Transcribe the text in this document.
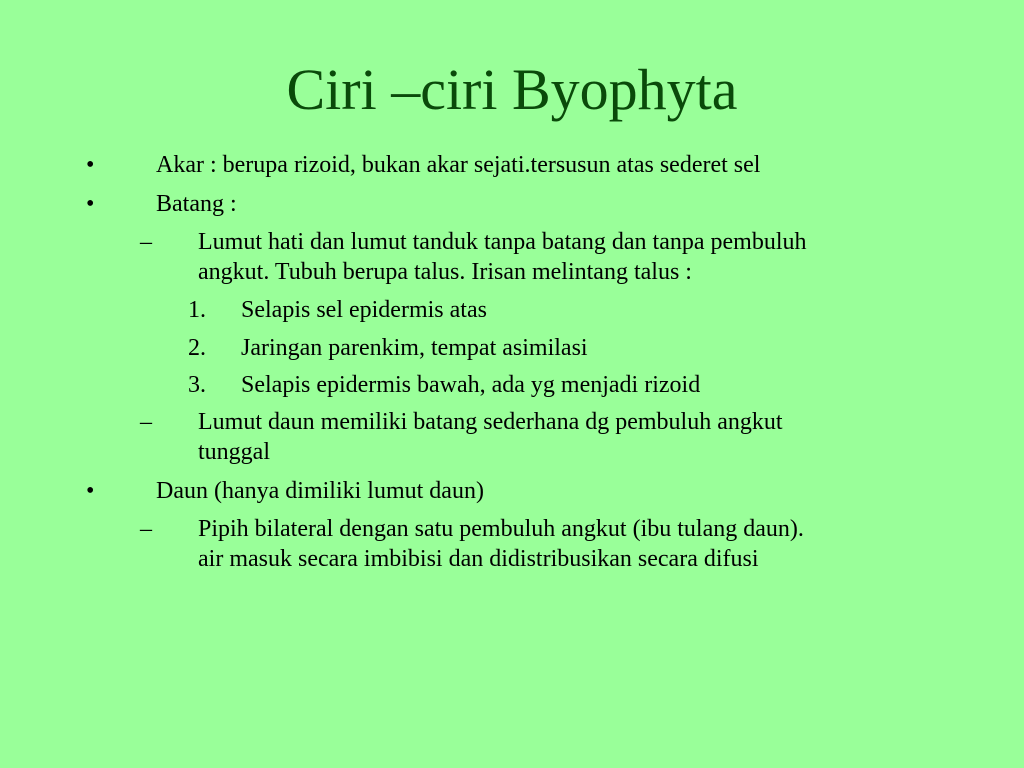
Ciri –ciri Byophyta
•	Akar : berupa rizoid, bukan akar sejati.tersusun atas sederet sel
•	Batang :
– Lumut hati dan lumut tanduk tanpa batang dan tanpa pembuluh
angkut. Tubuh berupa talus. Irisan melintang talus :
1. Selapis sel epidermis atas
2. Jaringan parenkim, tempat asimilasi
3. Selapis epidermis bawah, ada yg menjadi rizoid
– Lumut daun memiliki batang sederhana dg pembuluh angkut
tunggal
•	Daun (hanya dimiliki lumut daun)
– Pipih bilateral dengan satu pembuluh angkut (ibu tulang daun).
air masuk secara imbibisi dan didistribusikan secara difusi
